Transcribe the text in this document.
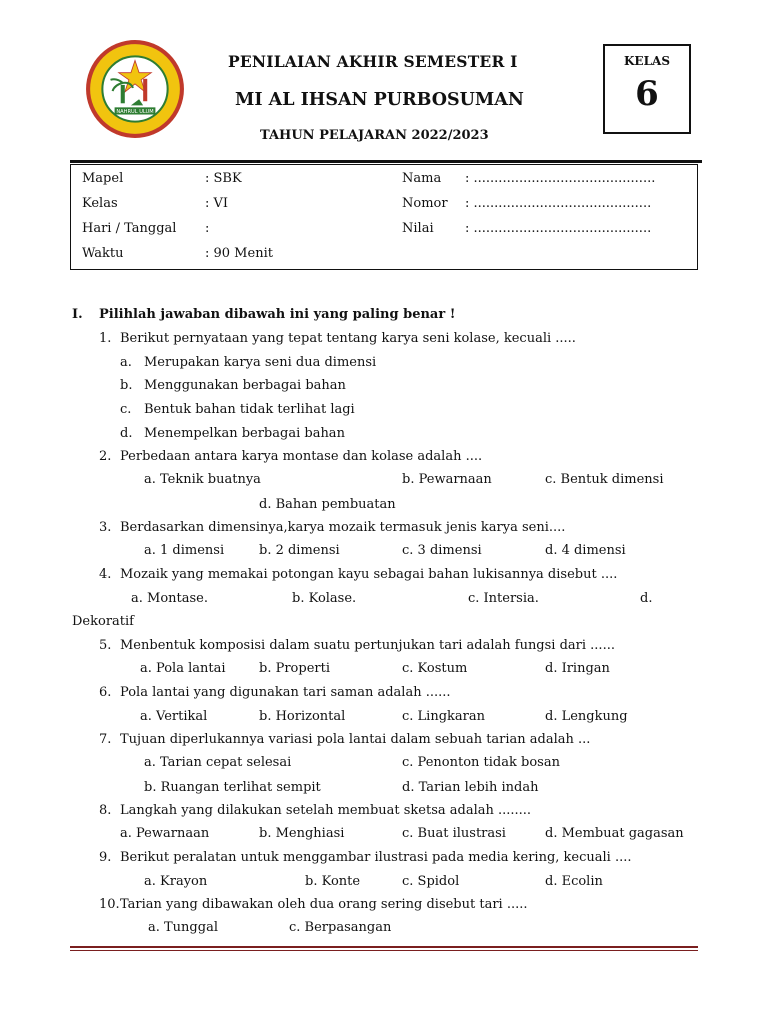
NAHRUL ULUM
PENILAIAN AKHIR SEMESTER I
MI AL IHSAN PURBOSUMAN
TAHUN PELAJARAN 2022/2023
KELAS
6
Mapel	: SBK
Kelas	: VI
Hari / Tanggal :
Waktu	: 90 Menit
Nama : ............................................
Nomor : ...........................................
Nilai : ...........................................
I. Pilihlah jawaban dibawah ini yang paling benar !
1. Berikut pernyataan yang tepat tentang karya seni kolase, kecuali .....
a. Merupakan karya seni dua dimensi
b. Menggunakan berbagai bahan
c. Bentuk bahan tidak terlihat lagi
d. Menempelkan berbagai bahan
2. Perbedaan antara karya montase dan kolase adalah ....
a. Teknik buatnya	b. Pewarnaan	c. Bentuk dimensi
d. Bahan pembuatan
3. Berdasarkan dimensinya,karya mozaik termasuk jenis karya seni....
a. 1 dimensi	b. 2 dimensi	c. 3 dimensi	d. 4 dimensi
4. Mozaik yang memakai potongan kayu sebagai bahan lukisannya disebut ....
a. Montase.	b. Kolase.	c. Intersia.	d.
Dekoratif
5. Menbentuk komposisi dalam suatu pertunjukan tari adalah fungsi dari ......
a. Pola lantai	b. Properti	c. Kostum	d. Iringan
6. Pola lantai yang digunakan tari saman adalah ......
a. Vertikal	b. Horizontal	c. Lingkaran	d. Lengkung
7. Tujuan diperlukannya variasi pola lantai dalam sebuah tarian adalah ...
a. Tarian cepat selesai	c. Penonton tidak bosan
b. Ruangan terlihat sempit	d. Tarian lebih indah
8. Langkah yang dilakukan setelah membuat sketsa adalah ........
a. Pewarnaan	b. Menghiasi	c. Buat ilustrasi	d. Membuat gagasan
9. Berikut peralatan untuk menggambar ilustrasi pada media kering, kecuali ....
a. Krayon	b. Konte	c. Spidol	d. Ecolin
10. Tarian yang dibawakan oleh dua orang sering disebut tari .....
a. Tunggal	c. Berpasangan
